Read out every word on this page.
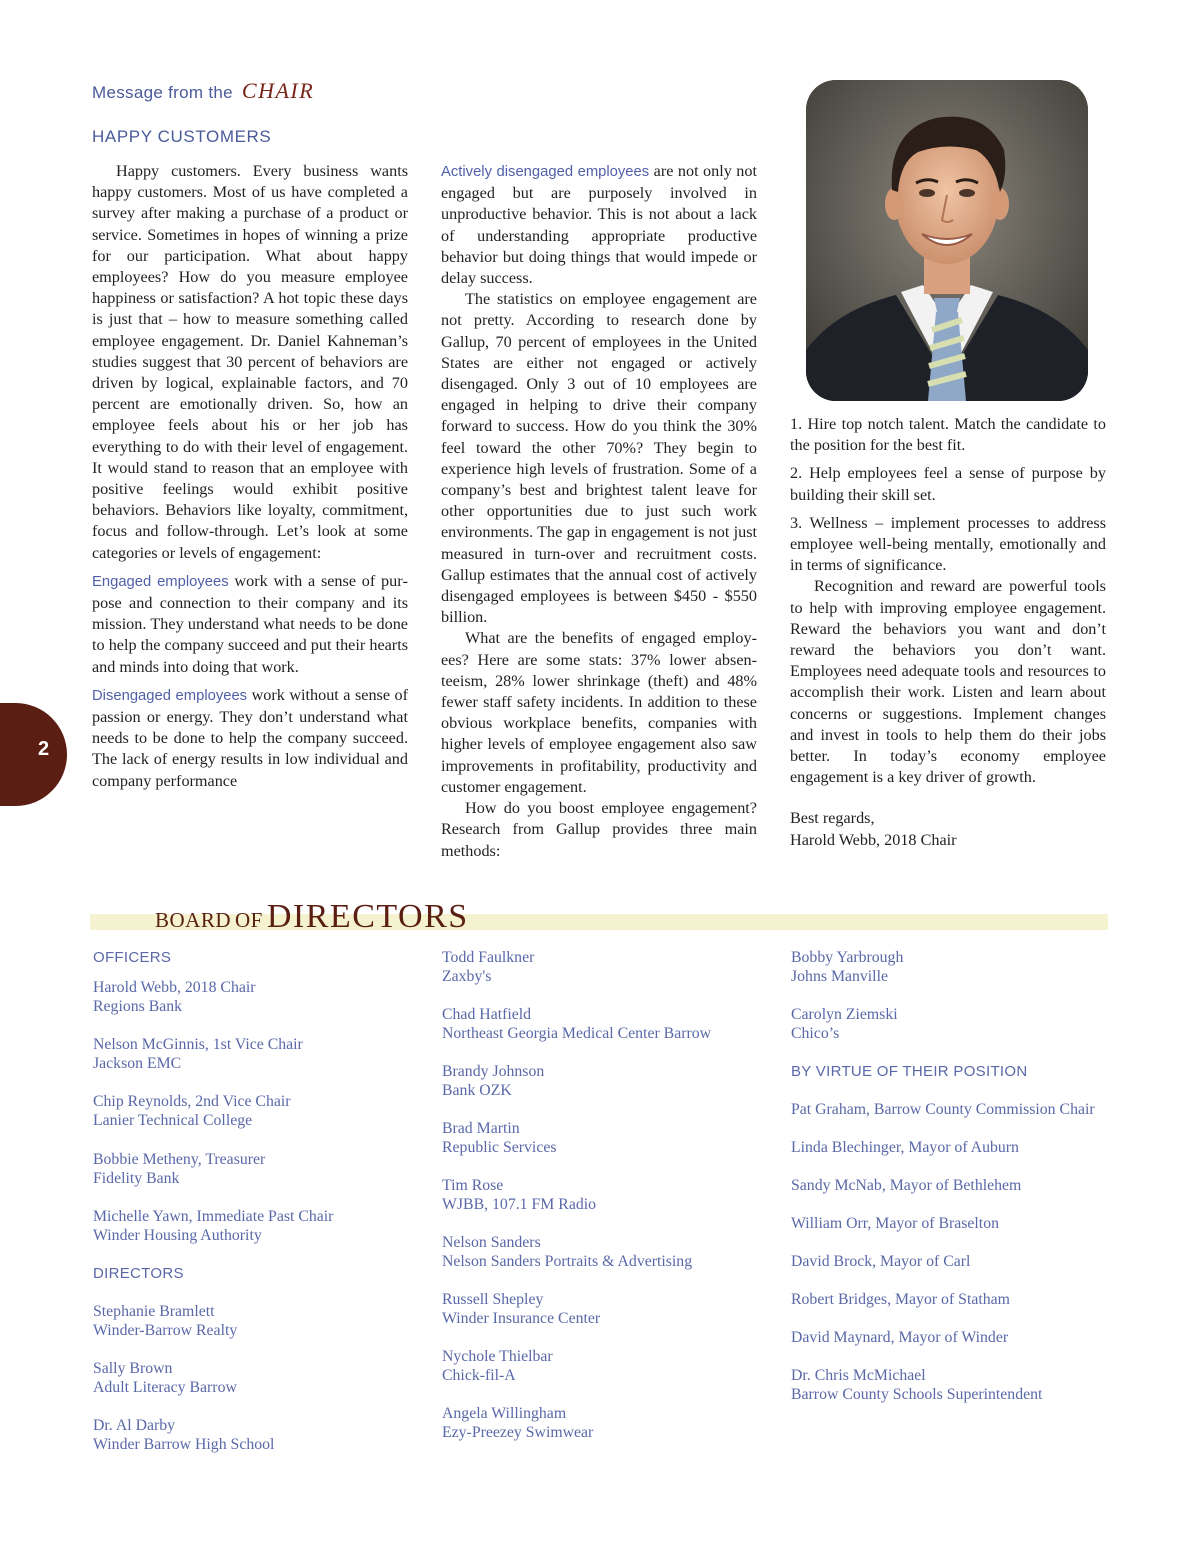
Message from the CHAIR
HAPPY CUSTOMERS

Happy customers. Every business wants happy customers. Most of us have completed a survey after making a purchase of a product or service. Sometimes in hopes of winning a prize for our participation. What about happy employees? How do you measure employee happiness or satisfaction? A hot topic these days is just that – how to measure something called employee engagement. Dr. Daniel Kahneman’s studies suggest that 30 percent of behaviors are driven by logical, explainable factors, and 70 percent are emotionally driven. So, how an employee feels about his or her job has everything to do with their level of engagement. It would stand to reason that an employee with positive feelings would exhibit positive behaviors. Behaviors like loyalty, commitment, focus and follow-through. Let’s look at some categories or levels of engagement:

Engaged employees work with a sense of purpose and connection to their company and its mission. They understand what needs to be done to help the company succeed and put their hearts and minds into doing that work.

Disengaged employees work without a sense of passion or energy. They don’t understand what needs to be done to help the company succeed. The lack of energy results in low individual and company performance

Actively disengaged employees are not only not engaged but are purposely involved in unproductive behavior. This is not about a lack of understanding appropriate productive behavior but doing things that would impede or delay success.

The statistics on employee engagement are not pretty. According to research done by Gallup, 70 percent of employees in the United States are either not engaged or actively disengaged. Only 3 out of 10 employees are engaged in helping to drive their company forward to success. How do you think the 30% feel toward the other 70%? They begin to experience high levels of frustration. Some of a company’s best and brightest talent leave for other opportunities due to just such work environments. The gap in engagement is not just measured in turn-over and recruitment costs. Gallup estimates that the annual cost of actively disengaged employees is between $450 - $550 billion.

What are the benefits of engaged employees? Here are some stats: 37% lower absenteeism, 28% lower shrinkage (theft) and 48% fewer staff safety incidents. In addition to these obvious workplace benefits, companies with higher levels of employee engagement also saw improvements in profitability, productivity and customer engagement.

How do you boost employee engagement? Research from Gallup provides three main methods:

1. Hire top notch talent. Match the candidate to the position for the best fit.

2. Help employees feel a sense of purpose by building their skill set.

3. Wellness – implement processes to address employee well-being mentally, emotionally and in terms of significance.

Recognition and reward are powerful tools to help with improving employee engagement. Reward the behaviors you want and don’t reward the behaviors you don’t want. Employees need adequate tools and resources to accomplish their work. Listen and learn about concerns or suggestions. Implement changes and invest in tools to help them do their jobs better. In today’s economy employee engagement is a key driver of growth.

Best regards,

Harold Webb, 2018 Chair

2
BOARD OF DIRECTORS
OFFICERS
Harold Webb, 2018 Chair
Regions Bank
Nelson McGinnis, 1st Vice Chair
Jackson EMC
Chip Reynolds, 2nd Vice Chair
Lanier Technical College
Bobbie Metheny, Treasurer
Fidelity Bank
Michelle Yawn, Immediate Past Chair
Winder Housing Authority
DIRECTORS
Stephanie Bramlett
Winder-Barrow Realty
Sally Brown
Adult Literacy Barrow
Dr. Al Darby
Winder Barrow High School
Todd Faulkner
Zaxby's
Chad Hatfield
Northeast Georgia Medical Center Barrow
Brandy Johnson
Bank OZK
Brad Martin
Republic Services
Tim Rose
WJBB, 107.1 FM Radio
Nelson Sanders
Nelson Sanders Portraits & Advertising
Russell Shepley
Winder Insurance Center
Nychole Thielbar
Chick-fil-A
Angela Willingham
Ezy-Preezey Swimwear
Bobby Yarbrough
Johns Manville
Carolyn Ziemski
Chico’s
BY VIRTUE OF THEIR POSITION
Pat Graham, Barrow County Commission Chair
Linda Blechinger, Mayor of Auburn
Sandy McNab, Mayor of Bethlehem
William Orr, Mayor of Braselton
David Brock, Mayor of Carl
Robert Bridges, Mayor of Statham
David Maynard, Mayor of Winder
Dr. Chris McMichael
Barrow County Schools Superintendent
